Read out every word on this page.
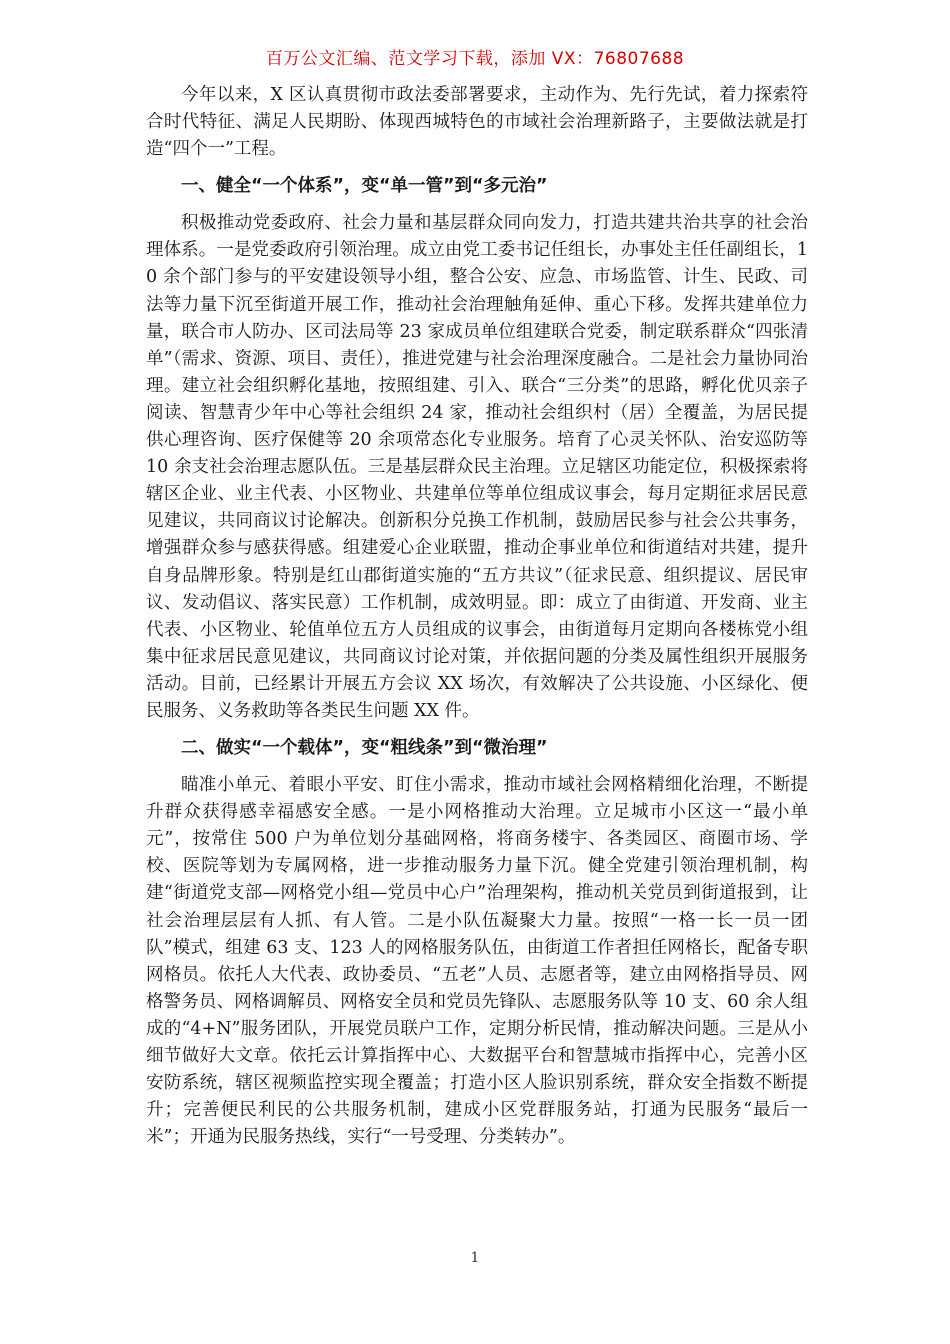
百万公文汇编、范文学习下载，添加 VX：76807688

今年以来，X 区认真贯彻市政法委部署要求，主动作为、先行先试，着力探索符合时代特征、满足人民期盼、体现西城特色的市域社会治理新路子，主要做法就是打造“四个一”工程。

一、健全“一个体系”，变“单一管”到“多元治”

积极推动党委政府、社会力量和基层群众同向发力，打造共建共治共享的社会治理体系。一是党委政府引领治理。成立由党工委书记任组长，办事处主任任副组长，10 余个部门参与的平安建设领导小组，整合公安、应急、市场监管、计生、民政、司法等力量下沉至街道开展工作，推动社会治理触角延伸、重心下移。发挥共建单位力量，联合市人防办、区司法局等 23 家成员单位组建联合党委，制定联系群众“四张清单”（需求、资源、项目、责任），推进党建与社会治理深度融合。二是社会力量协同治理。建立社会组织孵化基地，按照组建、引入、联合“三分类”的思路，孵化优贝亲子阅读、智慧青少年中心等社会组织 24 家，推动社会组织村（居）全覆盖，为居民提供心理咨询、医疗保健等 20 余项常态化专业服务。培育了心灵关怀队、治安巡防等 10 余支社会治理志愿队伍。三是基层群众民主治理。立足辖区功能定位，积极探索将辖区企业、业主代表、小区物业、共建单位等单位组成议事会，每月定期征求居民意见建议，共同商议讨论解决。创新积分兑换工作机制，鼓励居民参与社会公共事务，增强群众参与感获得感。组建爱心企业联盟，推动企事业单位和街道结对共建，提升自身品牌形象。特别是红山郡街道实施的“五方共议”（征求民意、组织提议、居民审议、发动倡议、落实民意）工作机制，成效明显。即：成立了由街道、开发商、业主代表、小区物业、轮值单位五方人员组成的议事会，由街道每月定期向各楼栋党小组集中征求居民意见建议，共同商议讨论对策，并依据问题的分类及属性组织开展服务活动。目前，已经累计开展五方会议 XX 场次，有效解决了公共设施、小区绿化、便民服务、义务救助等各类民生问题 XX 件。

二、做实“一个载体”，变“粗线条”到“微治理”

瞄准小单元、着眼小平安、盯住小需求，推动市域社会网格精细化治理，不断提升群众获得感幸福感安全感。一是小网格推动大治理。立足城市小区这一“最小单元”，按常住 500 户为单位划分基础网格，将商务楼宇、各类园区、商圈市场、学校、医院等划为专属网格，进一步推动服务力量下沉。健全党建引领治理机制，构建“街道党支部—网格党小组—党员中心户”治理架构，推动机关党员到街道报到，让社会治理层层有人抓、有人管。二是小队伍凝聚大力量。按照“一格一长一员一团队”模式，组建 63 支、123 人的网格服务队伍，由街道工作者担任网格长，配备专职网格员。依托人大代表、政协委员、“五老”人员、志愿者等，建立由网格指导员、网格警务员、网格调解员、网格安全员和党员先锋队、志愿服务队等 10 支、60 余人组成的“4+N”服务团队，开展党员联户工作，定期分析民情，推动解决问题。三是从小细节做好大文章。依托云计算指挥中心、大数据平台和智慧城市指挥中心，完善小区安防系统，辖区视频监控实现全覆盖；打造小区人脸识别系统，群众安全指数不断提升；完善便民利民的公共服务机制，建成小区党群服务站，打通为民服务“最后一米”；开通为民服务热线，实行“一号受理、分类转办”。

1
